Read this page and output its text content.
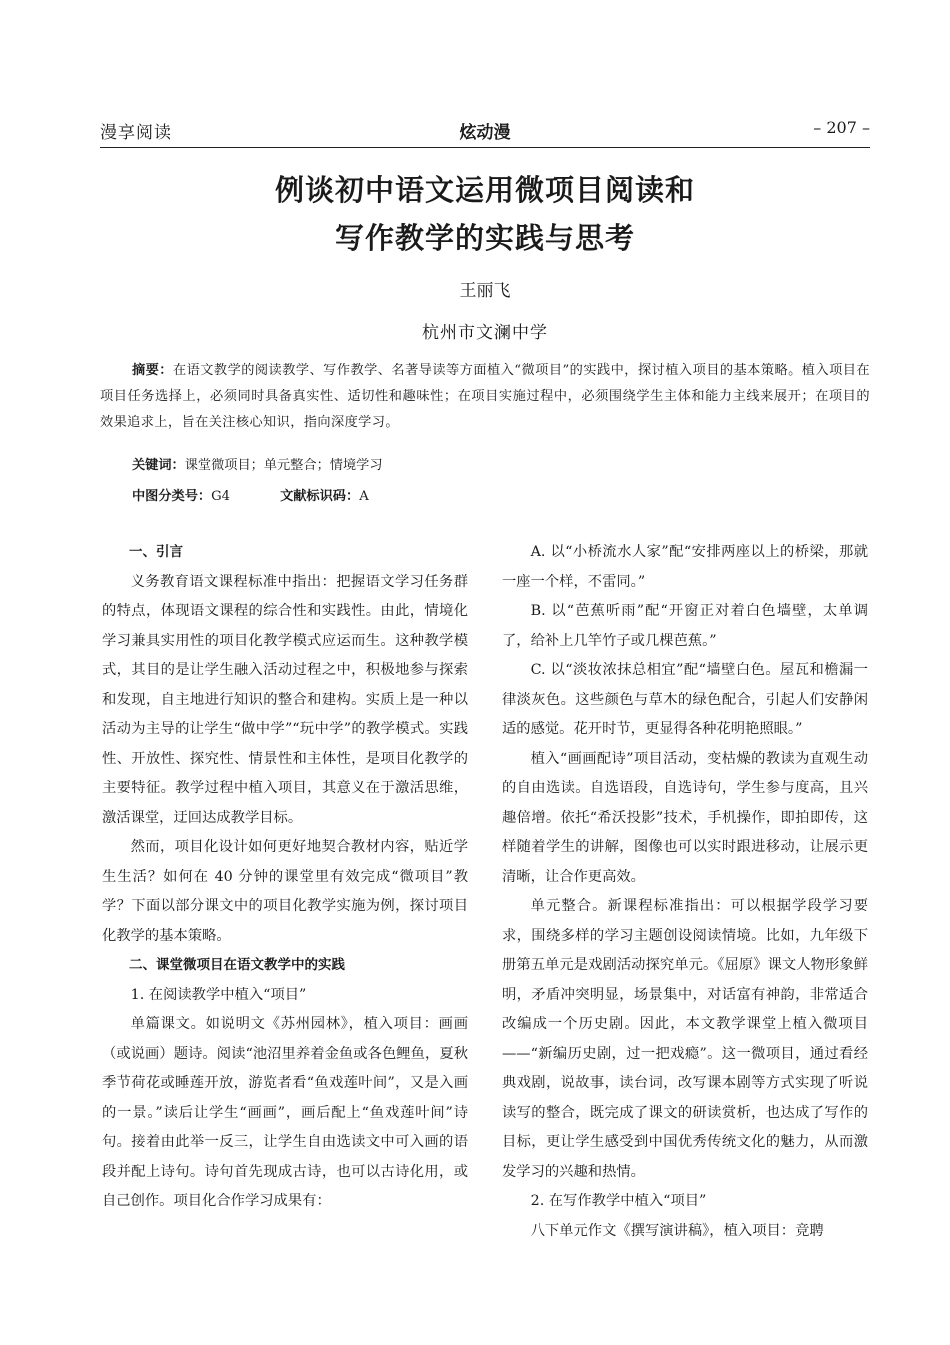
漫享阅读	炫动漫	– 207 –
例谈初中语文运用微项目阅读和
写作教学的实践与思考
王丽飞
杭州市文澜中学
摘要：在语文教学的阅读教学、写作教学、名著导读等方面植入“微项目”的实践中，探讨植入项目的基本策略。植入项目在项目任务选择上，必须同时具备真实性、适切性和趣味性；在项目实施过程中，必须围绕学生主体和能力主线来展开；在项目的效果追求上，旨在关注核心知识，指向深度学习。
关键词：课堂微项目；单元整合；情境学习
中图分类号：G4	文献标识码：A

一、引言

义务教育语文课程标准中指出：把握语文学习任务群的特点，体现语文课程的综合性和实践性。由此，情境化学习兼具实用性的项目化教学模式应运而生。这种教学模式，其目的是让学生融入活动过程之中，积极地参与探索和发现，自主地进行知识的整合和建构。实质上是一种以活动为主导的让学生“做中学”“玩中学”的教学模式。实践性、开放性、探究性、情景性和主体性，是项目化教学的主要特征。教学过程中植入项目，其意义在于激活思维，激活课堂，迂回达成教学目标。

然而，项目化设计如何更好地契合教材内容，贴近学生生活？如何在 40 分钟的课堂里有效完成“微项目”教学？下面以部分课文中的项目化教学实施为例，探讨项目化教学的基本策略。

二、课堂微项目在语文教学中的实践

1. 在阅读教学中植入“项目”

单篇课文。如说明文《苏州园林》，植入项目：画画（或说画）题诗。阅读“池沼里养着金鱼或各色鲤鱼，夏秋季节荷花或睡莲开放，游览者看“鱼戏莲叶间”，又是入画的一景。”读后让学生“画画”，画后配上“鱼戏莲叶间”诗句。接着由此举一反三，让学生自由选读文中可入画的语段并配上诗句。诗句首先现成古诗，也可以古诗化用，或自己创作。项目化合作学习成果有：

A. 以“小桥流水人家”配“安排两座以上的桥梁，那就一座一个样，不雷同。”

B. 以“芭蕉听雨”配“开窗正对着白色墙壁，太单调了，给补上几竿竹子或几棵芭蕉。”

C. 以“淡妆浓抹总相宜”配“墙壁白色。屋瓦和檐漏一律淡灰色。这些颜色与草木的绿色配合，引起人们安静闲适的感觉。花开时节，更显得各种花明艳照眼。”

植入“画画配诗”项目活动，变枯燥的教读为直观生动的自由选读。自选语段，自选诗句，学生参与度高，且兴趣倍增。依托“希沃投影”技术，手机操作，即拍即传，这样随着学生的讲解，图像也可以实时跟进移动，让展示更清晰，让合作更高效。

单元整合。新课程标准指出：可以根据学段学习要求，围绕多样的学习主题创设阅读情境。比如，九年级下册第五单元是戏剧活动探究单元。《屈原》课文人物形象鲜明，矛盾冲突明显，场景集中，对话富有神韵，非常适合改编成一个历史剧。因此，本文教学课堂上植入微项目——“新编历史剧，过一把戏瘾”。这一微项目，通过看经典戏剧，说故事，读台词，改写课本剧等方式实现了听说读写的整合，既完成了课文的研读赏析，也达成了写作的目标，更让学生感受到中国优秀传统文化的魅力，从而激发学习的兴趣和热情。

2. 在写作教学中植入“项目”

八下单元作文《撰写演讲稿》，植入项目：竞聘
